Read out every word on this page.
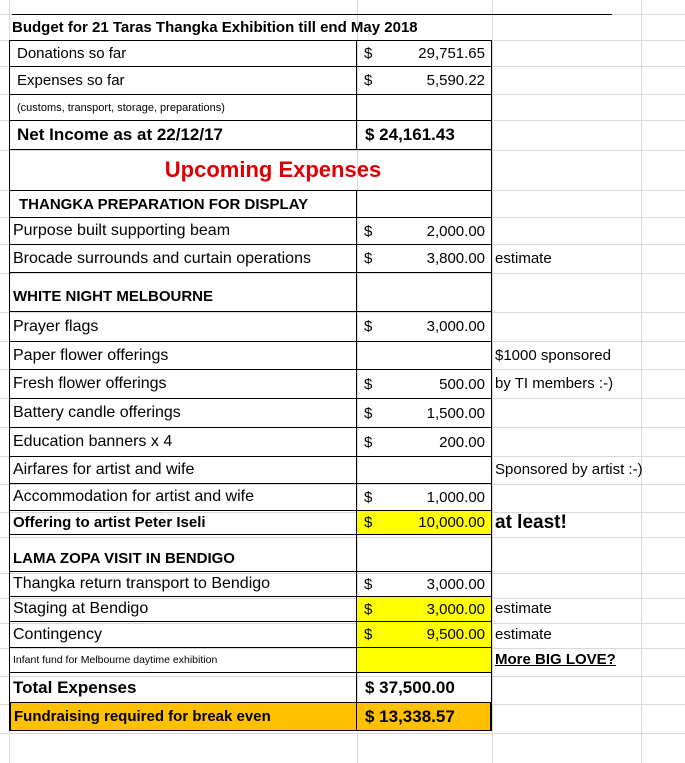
Budget for 21 Taras Thangka Exhibition till end May 2018
Donations so far	$	29,751.65
Expenses so far	$	5,590.22
(customs, transport, storage, preparations)
Net Income as at 22/12/17	$ 24,161.43
Upcoming Expenses
THANGKA PREPARATION FOR DISPLAY
Purpose built supporting beam	$	2,000.00
Brocade surrounds and curtain operations	$	3,800.00 estimate
WHITE NIGHT MELBOURNE
Prayer flags	$	3,000.00
Paper flower offerings	$1000 sponsored
Fresh flower offerings	$	500.00 by TI members :-)
Battery candle offerings	$	1,500.00
Education banners x 4	$	200.00
Airfares for artist and wife	Sponsored by artist :-)
Accommodation for artist and wife	$	1,000.00
Offering to artist Peter Iseli	$	10,000.00 at least!
LAMA ZOPA VISIT IN BENDIGO
Thangka return transport to Bendigo	$	3,000.00
Staging at Bendigo	$	3,000.00 estimate
Contingency	$	9,500.00 estimate
Infant fund for Melbourne daytime exhibition	More BIG LOVE?
Total Expenses	$ 37,500.00
Fundraising required for break even	$ 13,338.57
